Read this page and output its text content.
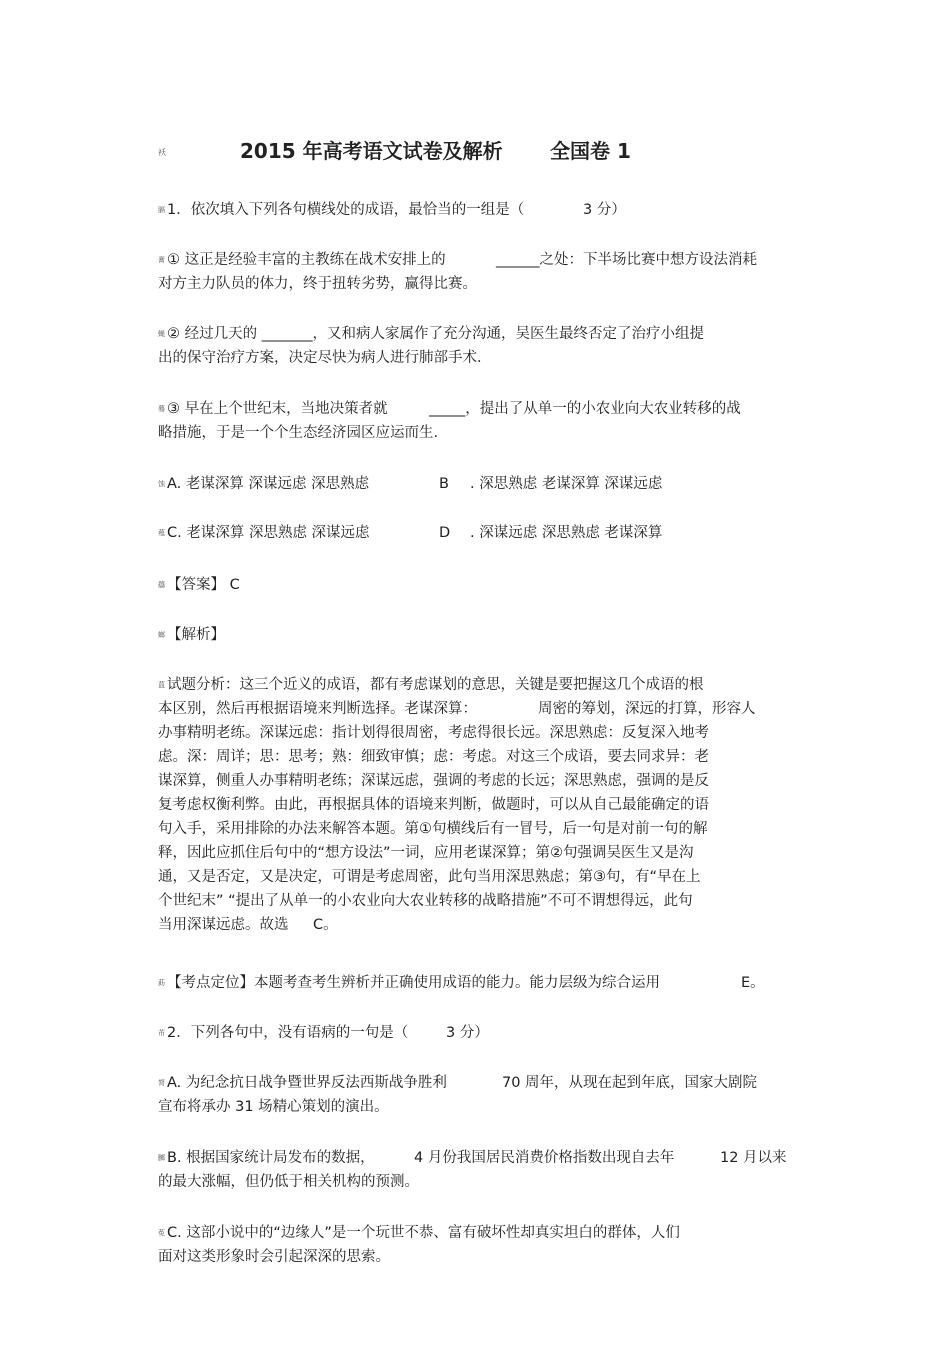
袄	2015 年高考语文试卷及解析 全国卷 1
膈 1．依次填入下列各句横线处的成语，最恰当的一组是（	3 分）
膏 ① 这正是经验丰富的主教练在战术安排上的	______之处：下半场比赛中想方设法消耗
对方主力队员的体力，终于扭转劣势，赢得比赛。
蝇 ② 经过几天的 _______，又和病人家属作了充分沟通，吴医生最终否定了治疗小组提
出的保守治疗方案，决定尽快为病人进行肺部手术.
蓦 ③ 早在上个世纪末，当地决策者就	_____，提出了从单一的小农业向大农业转移的战
略措施，于是一个个生态经济园区应运而生.
蚀 A. 老谋深算 深谋远虑 深思熟虑	B . 深思熟虑 老谋深算 深谋远虑
薤 C. 老谋深算 深思熟虑 深谋远虑	D . 深谋远虑 深思熟虑 老谋深算
羉 【答案】 C
螂 【解析】
蒀 试题分析：这三个近义的成语，都有考虑谋划的意思，关键是要把握这几个成语的根
本区别，然后再根据语境来判断选择。老谋深算：	周密的筹划，深远的打算，形容人
办事精明老练。深谋远虑：指计划得很周密，考虑得很长远。深思熟虑：反复深入地考
虑。深：周详；思：思考；熟：细致审慎；虑：考虑。对这三个成语，要去同求异：老
谋深算，侧重人办事精明老练；深谋远虑，强调的考虑的长远；深思熟虑，强调的是反
复考虑权衡利弊。由此，再根据具体的语境来判断，做题时，可以从自己最能确定的语
句入手，采用排除的办法来解答本题。第①句横线后有一冒号，后一句是对前一句的解
释，因此应抓住后句中的“想方设法”一词，应用老谋深算；第②句强调吴医生又是沟
通，又是否定，又是决定，可谓是考虑周密，此句当用深思熟虑；第③句，有“早在上
个世纪末” “提出了从单一的小农业向大农业转移的战略措施”不可不谓想得远，此句
当用深谋远虑。故选 C。
莇 【考点定位】本题考查考生辨析并正确使用成语的能力。能力层级为综合运用	E。
芇 2．下列各句中，没有语病的一句是（	3 分）
膂 A. 为纪念抗日战争暨世界反法西斯战争胜利	70 周年，从现在起到年底，国家大剧院
宣布将承办 31 场精心策划的演出。
膷 B. 根据国家统计局发布的数据，	4 月份我国居民消费价格指数出现自去年	12 月以来
的最大涨幅，但仍低于相关机构的预测。
莬 C. 这部小说中的“边缘人”是一个玩世不恭、富有破坏性却真实坦白的群体，人们
面对这类形象时会引起深深的思索。
